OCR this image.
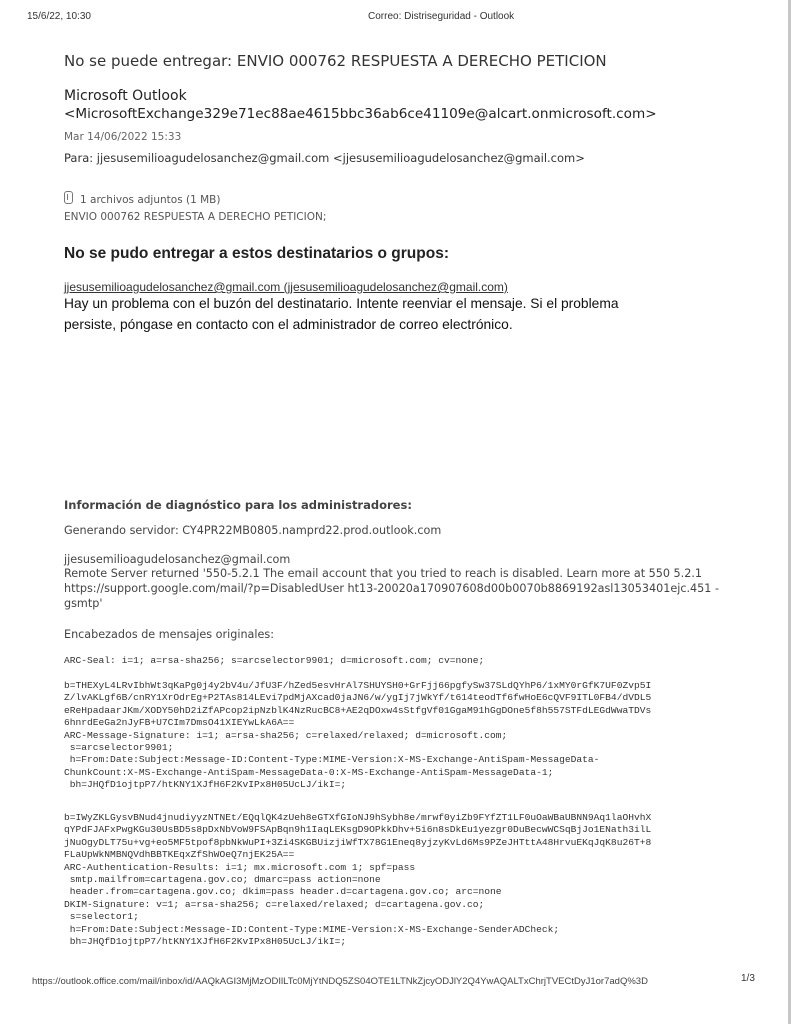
15/6/22, 10:30	Correo: Distriseguridad - Outlook
No se puede entregar: ENVIO 000762 RESPUESTA A DERECHO PETICION
Microsoft Outlook
<MicrosoftExchange329e71ec88ae4615bbc36ab6ce41109e@alcart.onmicrosoft.com>
Mar 14/06/2022 15:33
Para: jjesusemilioagudelosanchez@gmail.com <jjesusemilioagudelosanchez@gmail.com>
1 archivos adjuntos (1 MB)
ENVIO 000762 RESPUESTA A DERECHO PETICION;
No se pudo entregar a estos destinatarios o grupos:
jjesusemilioagudelosanchez@gmail.com (jjesusemilioagudelosanchez@gmail.com)
Hay un problema con el buzón del destinatario. Intente reenviar el mensaje. Si el problema
persiste, póngase en contacto con el administrador de correo electrónico.
Información de diagnóstico para los administradores:
Generando servidor: CY4PR22MB0805.namprd22.prod.outlook.com
jjesusemilioagudelosanchez@gmail.com
Remote Server returned '550-5.2.1 The email account that you tried to reach is disabled. Learn more at 550 5.2.1
https://support.google.com/mail/?p=DisabledUser ht13-20020a170907608d00b0070b8869192asl13053401ejc.451 -
gsmtp'
Encabezados de mensajes originales:
ARC-Seal: i=1; a=rsa-sha256; s=arcselector9901; d=microsoft.com; cv=none;
b=THEXyL4LRvIbhWt3qKaPg0j4y2bV4u/JfU3F/hZed5esvHrAl7SHUYSH0+GrFjj66pgfySw37SLdQYhP6/1xMY0rGfK7UF0Zvp5I
Z/lvAKLgf6B/cnRY1XrOdrEg+P2TAs814LEvi7pdMjAXcad0jaJN6/w/ygIj7jWkYf/t614teodTf6fwHoE6cQVF9ITL0FB4/dVDL5
eReHpadaarJKm/XODY50hD2iZfAPcop2ipNzblK4NzRucBC8+AE2qDOxw4sStfgVf01GgaM91hGgDOne5f8h557STFdLEGdWwaTDVs
6hnrdEeGa2nJyFB+U7CIm7DmsO41XIEYwLkA6A==
ARC-Message-Signature: i=1; a=rsa-sha256; c=relaxed/relaxed; d=microsoft.com;
s=arcselector9901;
h=From:Date:Subject:Message-ID:Content-Type:MIME-Version:X-MS-Exchange-AntiSpam-MessageData-
ChunkCount:X-MS-Exchange-AntiSpam-MessageData-0:X-MS-Exchange-AntiSpam-MessageData-1;
bh=JHQfD1ojtpP7/htKNY1XJfH6F2KvIPx8H05UcLJ/ikI=;
b=IWyZKLGysvBNud4jnudiyyzNTNEt/EQqlQK4zUeh8eGTXfGIoNJ9hSybh8e/mrwf0yiZb9FYfZT1LF0uOaWBaUBNN9Aq1laOHvhX
qYPdFJAFxPwgKGu30UsBD5s8pDxNbVoW9FSApBqn9h1IaqLEKsgD9OPkkDhv+5i6n8sDkEu1yezgr0DuBecwWCSqBjJo1ENath3ilL
jNuOgyDLT75u+vg+eo5MF5tpof8pbNkWuPI+3Zi4SKGBUizjiWfTX78G1Eneq8yjzyKvLd6Ms9PZeJHTttA48HrvuEKqJqK8u26T+8
FLaUpWkNMBNQVdhBBTKEqxZfShWOeQ7njEK25A==
ARC-Authentication-Results: i=1; mx.microsoft.com 1; spf=pass
smtp.mailfrom=cartagena.gov.co; dmarc=pass action=none
header.from=cartagena.gov.co; dkim=pass header.d=cartagena.gov.co; arc=none
DKIM-Signature: v=1; a=rsa-sha256; c=relaxed/relaxed; d=cartagena.gov.co;
s=selector1;
h=From:Date:Subject:Message-ID:Content-Type:MIME-Version:X-MS-Exchange-SenderADCheck;
bh=JHQfD1ojtpP7/htKNY1XJfH6F2KvIPx8H05UcLJ/ikI=;
https://outlook.office.com/mail/inbox/id/AAQkAGI3MjMzODIlLTc0MjYtNDQ5ZS04OTE1LTNkZjcyODJlY2Q4YwAQALTxChrjTVECtDyJ1or7adQ%3D	1/3
